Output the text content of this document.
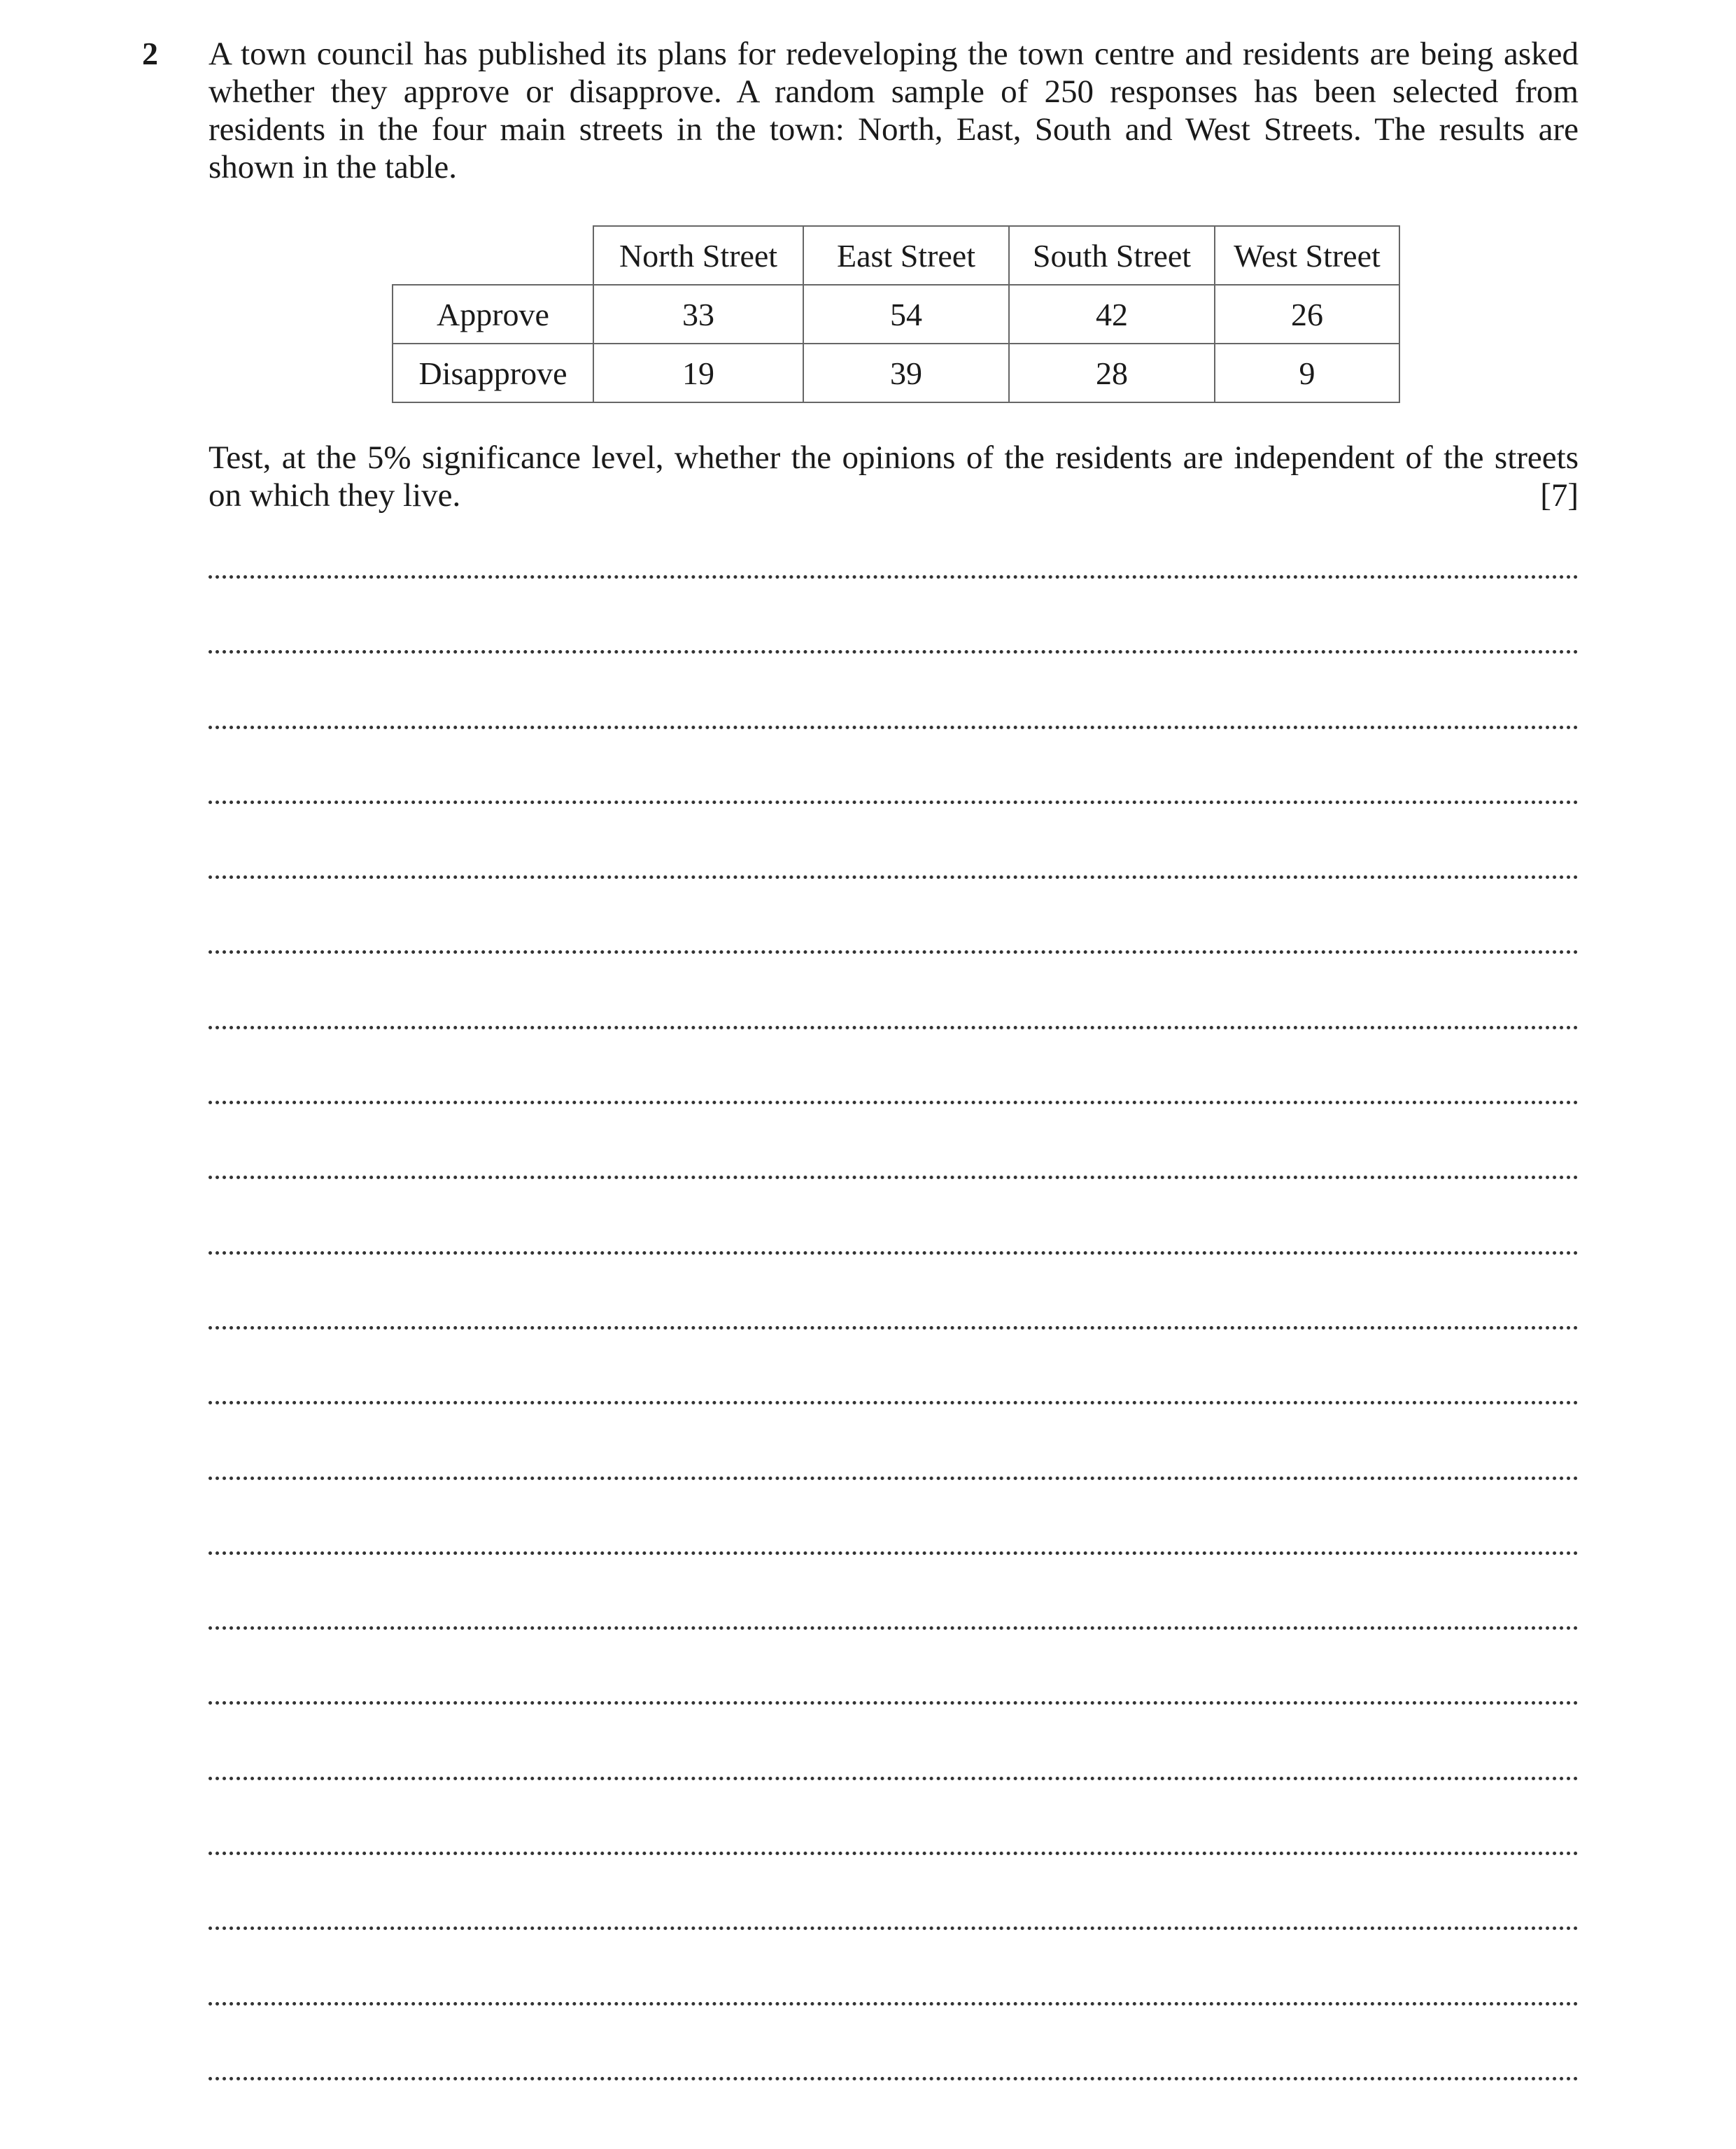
2 A town council has published its plans for redeveloping the town centre and residents are being asked whether they approve or disapprove. A random sample of 250 responses has been selected from residents in the four main streets in the town: North, East, South and West Streets. The results are shown in the table.

	North Street	East Street	South Street	West Street
Approve	33	54	42	26
Disapprove	19	39	28	9
Test, at the 5% significance level, whether the opinions of the residents are independent of the streets
on which they live.	[7]
